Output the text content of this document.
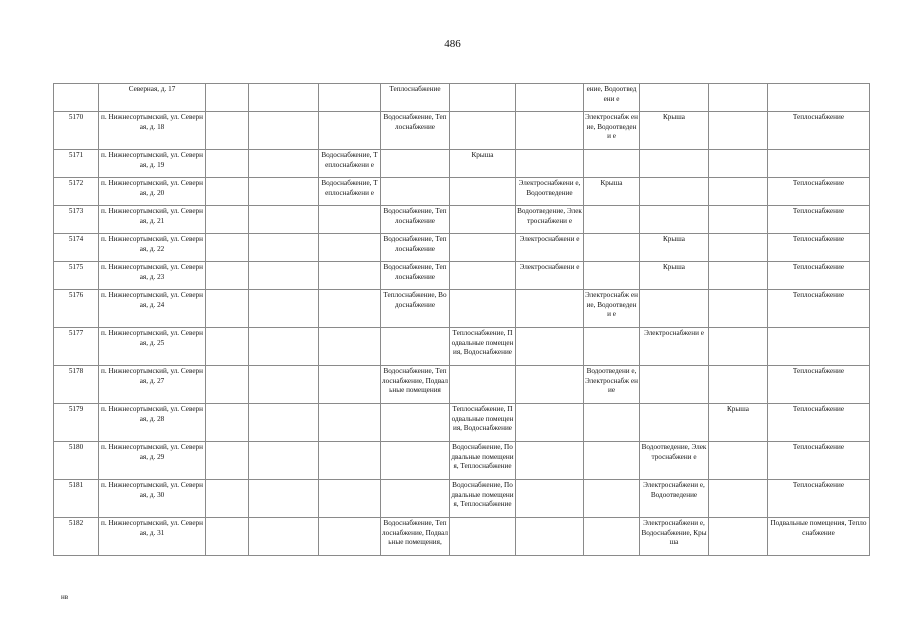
486
	Северная, д. 17				Теплоснабжение			ение, Водоотведени е			
5170	п. Нижнесортымский, ул. Северная, д. 18				Водоснабжение, Теплоснабжение			Электроснабж ение, Водоотведени е	Крыша		Теплоснабжение
5171	п. Нижнесортымский, ул. Северная, д. 19			Водоснабжение, Теплоснабжени е		Крыша					
5172	п. Нижнесортымский, ул. Северная, д. 20			Водоснабжение, Теплоснабжени е			Электроснабжени е, Водоотведение	Крыша			Теплоснабжение
5173	п. Нижнесортымский, ул. Северная, д. 21				Водоснабжение, Теплоснабжение		Водоотведение, Электроснабжени е				Теплоснабжение
5174	п. Нижнесортымский, ул. Северная, д. 22				Водоснабжение, Теплоснабжение		Электроснабжени е		Крыша		Теплоснабжение
5175	п. Нижнесортымский, ул. Северная, д. 23				Водоснабжение, Теплоснабжение		Электроснабжени е		Крыша		Теплоснабжение
5176	п. Нижнесортымский, ул. Северная, д. 24				Теплоснабжение, Водоснабжение			Электроснабж ение, Водоотведени е			Теплоснабжение
5177	п. Нижнесортымский, ул. Северная, д. 25					Теплоснабжение, Подвальные помещения, Водоснабжение			Электроснабжени е		
5178	п. Нижнесортымский, ул. Северная, д. 27				Водоснабжение, Теплоснабжение, Подвальные помещения			Водоотведени е, Электроснабж ение			Теплоснабжение
5179	п. Нижнесортымский, ул. Северная, д. 28					Теплоснабжение, Подвальные помещения, Водоснабжение				Крыша	Теплоснабжение
5180	п. Нижнесортымский, ул. Северная, д. 29					Водоснабжение, Подвальные помещения, Теплоснабжение			Водоотведение, Электроснабжени е		Теплоснабжение
5181	п. Нижнесортымский, ул. Северная, д. 30					Водоснабжение, Подвальные помещения, Теплоснабжение			Электроснабжени е, Водоотведение		Теплоснабжение
5182	п. Нижнесортымский, ул. Северная, д. 31				Водоснабжение, Теплоснабжение, Подвальные помещения,				Электроснабжени е, Водоснабжение, Крыша		Подвальные помещения, Теплоснабжение
нв
